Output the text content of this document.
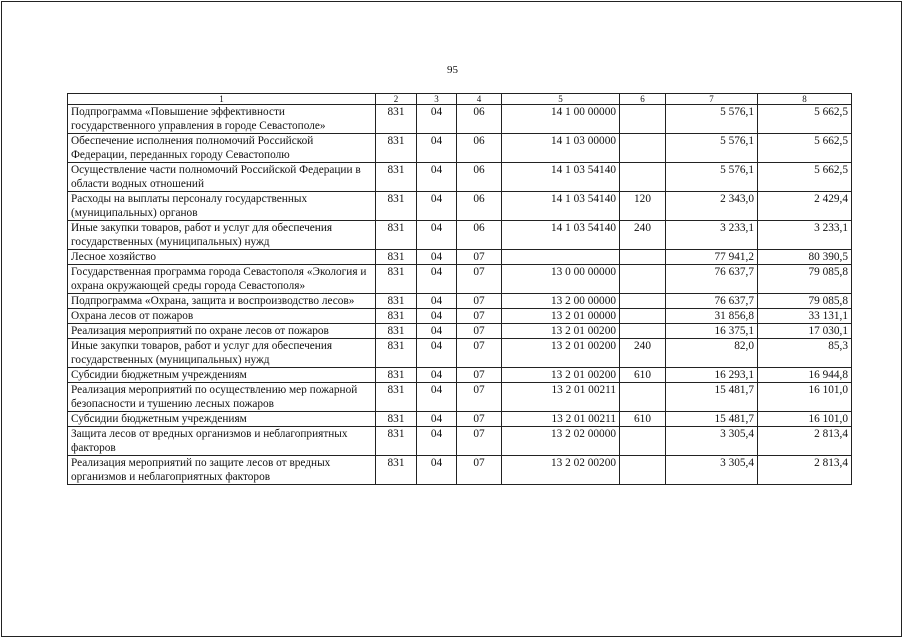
95
1	2	3	4	5	6	7	8
Подпрограмма «Повышение эффективности государственного управления в городе Севастополе»	831	04	06	14 1 00 00000		5 576,1	5 662,5
Обеспечение исполнения полномочий Российской Федерации, переданных городу Севастополю	831	04	06	14 1 03 00000		5 576,1	5 662,5
Осуществление части полномочий Российской Федерации в области водных отношений	831	04	06	14 1 03 54140		5 576,1	5 662,5
Расходы на выплаты персоналу государственных (муниципальных) органов	831	04	06	14 1 03 54140	120	2 343,0	2 429,4
Иные закупки товаров, работ и услуг для обеспечения государственных (муниципальных) нужд	831	04	06	14 1 03 54140	240	3 233,1	3 233,1
Лесное хозяйство	831	04	07			77 941,2	80 390,5
Государственная программа города Севастополя «Экология и охрана окружающей среды города Севастополя»	831	04	07	13 0 00 00000		76 637,7	79 085,8
Подпрограмма «Охрана, защита и воспроизводство лесов»	831	04	07	13 2 00 00000		76 637,7	79 085,8
Охрана лесов от пожаров	831	04	07	13 2 01 00000		31 856,8	33 131,1
Реализация мероприятий по охране лесов от пожаров	831	04	07	13 2 01 00200		16 375,1	17 030,1
Иные закупки товаров, работ и услуг для обеспечения государственных (муниципальных) нужд	831	04	07	13 2 01 00200	240	82,0	85,3
Субсидии бюджетным учреждениям	831	04	07	13 2 01 00200	610	16 293,1	16 944,8
Реализация мероприятий по осуществлению мер пожарной безопасности и тушению лесных пожаров	831	04	07	13 2 01 00211		15 481,7	16 101,0
Субсидии бюджетным учреждениям	831	04	07	13 2 01 00211	610	15 481,7	16 101,0
Защита лесов от вредных организмов и неблагоприятных факторов	831	04	07	13 2 02 00000		3 305,4	2 813,4
Реализация мероприятий по защите лесов от вредных организмов и неблагоприятных факторов	831	04	07	13 2 02 00200		3 305,4	2 813,4
